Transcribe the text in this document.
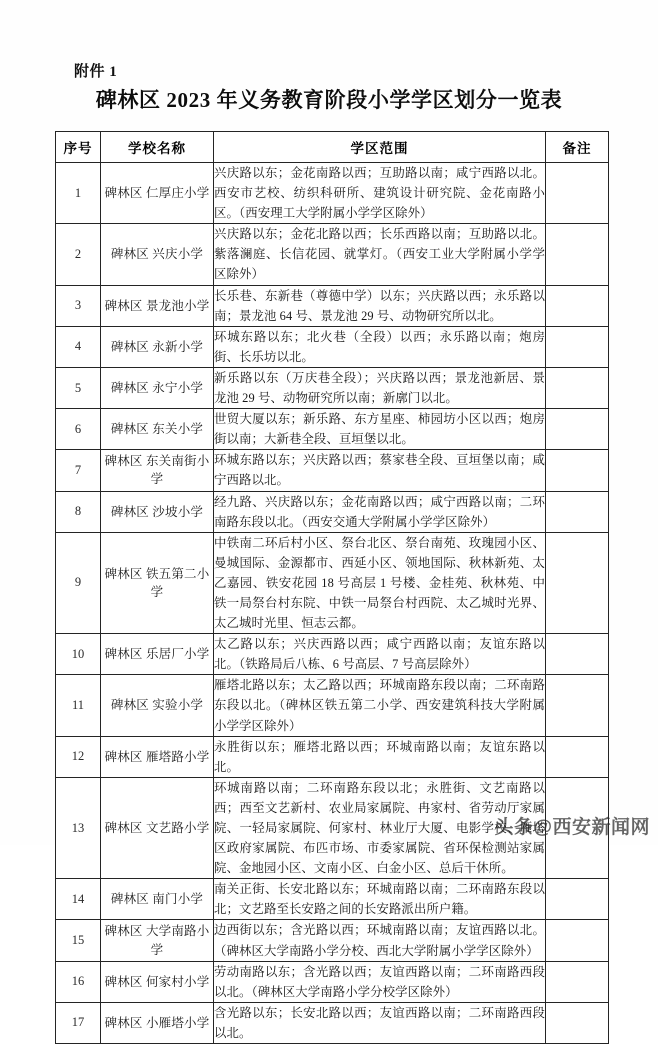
附件 1
碑林区 2023 年义务教育阶段小学学区划分一览表
序号	学校名称	学区范围	备注
1	碑林区 仁厚庄小学	兴庆路以东；金花南路以西；互助路以南；咸宁西路以北。西安市艺校、纺织科研所、建筑设计研究院、金花南路小区。（西安理工大学附属小学学区除外）	
2	碑林区 兴庆小学	兴庆路以东；金花北路以西；长乐西路以南；互助路以北。紫落澜庭、长信花园、就掌灯。（西安工业大学附属小学学区除外）	
3	碑林区 景龙池小学	长乐巷、东新巷（尊德中学）以东；兴庆路以西；永乐路以南；景龙池 64 号、景龙池 29 号、动物研究所以北。	
4	碑林区 永新小学	环城东路以东；北火巷（全段）以西；永乐路以南；炮房街、长乐坊以北。	
5	碑林区 永宁小学	新乐路以东（万庆巷全段）；兴庆路以西；景龙池新居、景龙池 29 号、动物研究所以南；新廓门以北。	
6	碑林区 东关小学	世贸大厦以东；新乐路、东方星座、柿园坊小区以西；炮房街以南；大新巷全段、亘垣堡以北。	
7	碑林区 东关南街小学	环城东路以东；兴庆路以西；蔡家巷全段、亘垣堡以南；咸宁西路以北。	
8	碑林区 沙坡小学	经九路、兴庆路以东；金花南路以西；咸宁西路以南；二环南路东段以北。（西安交通大学附属小学学区除外）	
9	碑林区 铁五第二小学	中铁南二环后村小区、祭台北区、祭台南苑、玫瑰园小区、曼城国际、金源都市、西延小区、领地国际、秋林新苑、太乙嘉园、铁安花园 18 号高层 1 号楼、金桂苑、秋林苑、中铁一局祭台村东院、中铁一局祭台村西院、太乙城时光界、太乙城时光里、恒志云都。	
10	碑林区 乐居厂小学	太乙路以东；兴庆西路以西；咸宁西路以南；友谊东路以北。（铁路局后八栋、6 号高层、7 号高层除外）	
11	碑林区 实验小学	雁塔北路以东；太乙路以西；环城南路东段以南；二环南路东段以北。（碑林区铁五第二小学、西安建筑科技大学附属小学学区除外）	
12	碑林区 雁塔路小学	永胜街以东；雁塔北路以西；环城南路以南；友谊东路以北。	
13	碑林区 文艺路小学	环城南路以南；二环南路东段以北；永胜街、文艺南路以西；西至文艺新村、农业局家属院、冉家村、省劳动厅家属院、一轻局家属院、何家村、林业厅大厦、电影学校、雁塔区政府家属院、布匹市场、市委家属院、省环保检测站家属院、金地园小区、文南小区、白金小区、总后干休所。	
14	碑林区 南门小学	南关正街、长安北路以东；环城南路以南；二环南路东段以北；文艺路至长安路之间的长安路派出所户籍。	
15	碑林区 大学南路小学	边西街以东；含光路以西；环城南路以南；友谊西路以北。（碑林区大学南路小学分校、西北大学附属小学学区除外）	
16	碑林区 何家村小学	劳动南路以东；含光路以西；友谊西路以南；二环南路西段以北。（碑林区大学南路小学分校学区除外）	
17	碑林区 小雁塔小学	含光路以东；长安北路以西；友谊西路以南；二环南路西段以北。	
头条@西安新闻网
